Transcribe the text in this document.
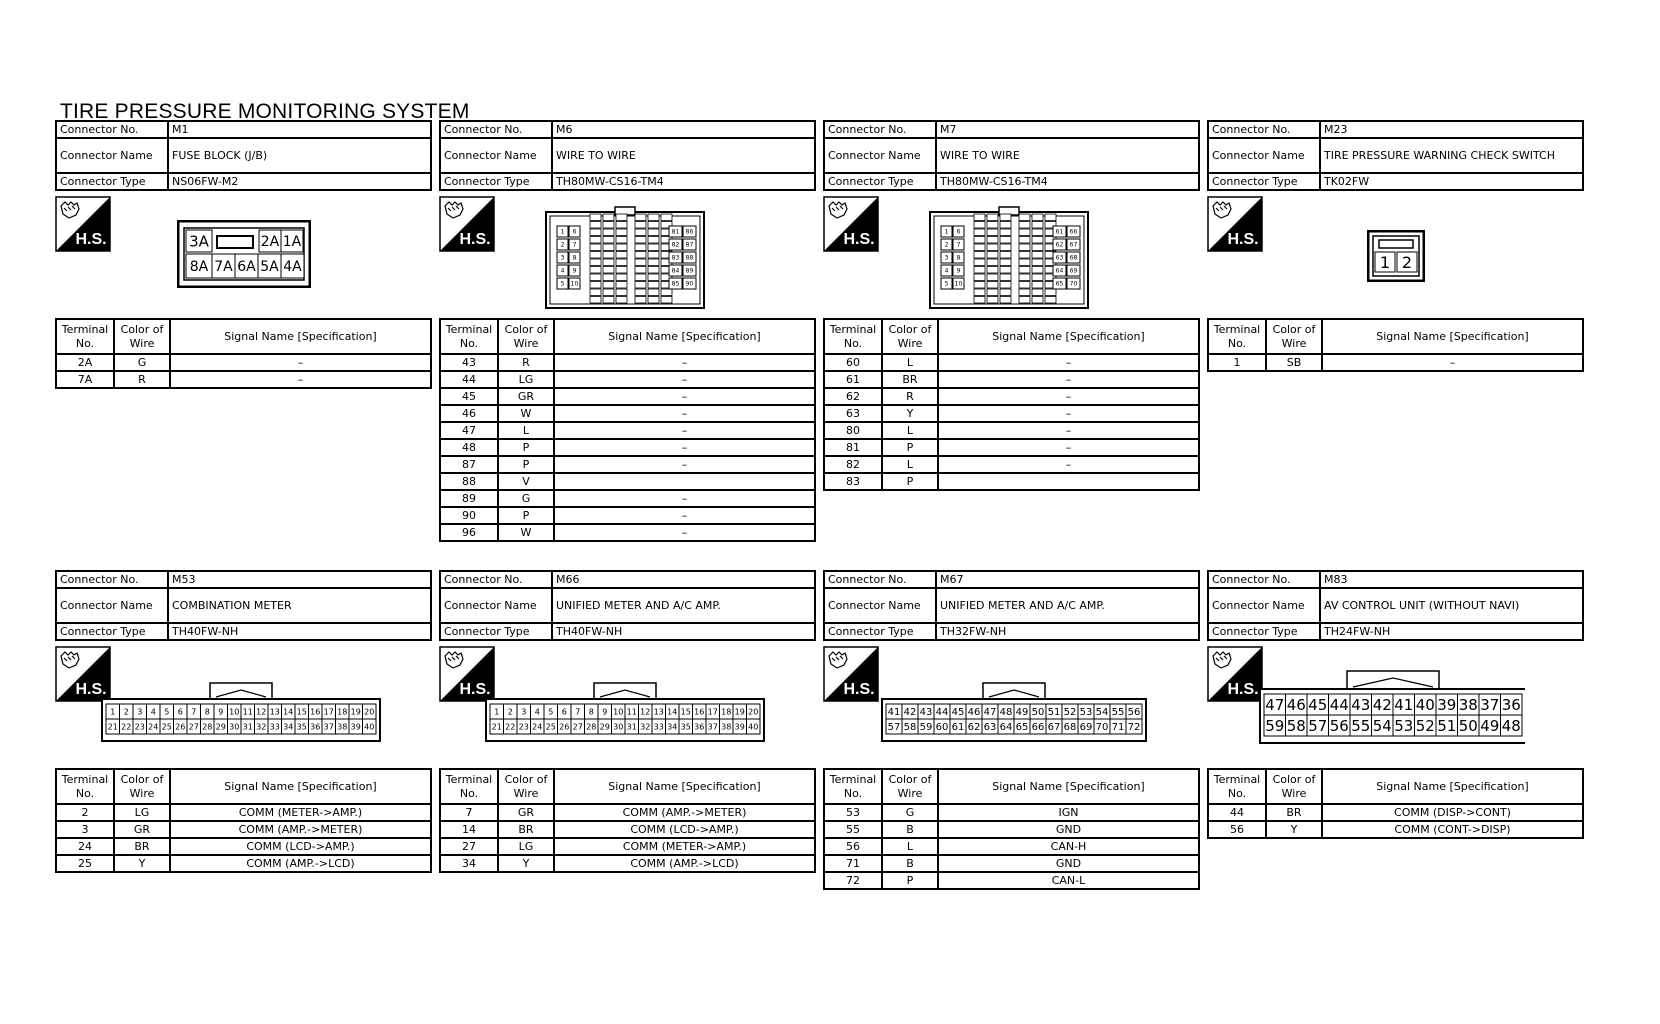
TIRE PRESSURE MONITORING SYSTEM
Connector No.	M1
Connector Name	FUSE BLOCK (J/B)
Connector Type	NS06FW-M2
H.S.	3A	2A 1A
8A 7A 6A 5A 4A
Terminal No.	Color of Wire	Signal Name [Specification]
2A	G	–
7A	R	–
Connector No.	M6
Connector Name	WIRE TO WIRE
Connector Type	TH80MW-CS16-TM4
H.S.	1 6
2 7
3 8
4 9
5 10
81 86
82 87
83 88
84 89
85 90
Terminal No.	Color of Wire	Signal Name [Specification]
43	R	–
44	LG	–
45	GR	–
46	W	–
47	L	–
48	P	–
87	P	–
88	V	
89	G	–
90	P	–
96	W	–
Connector No.	M7
Connector Name	WIRE TO WIRE
Connector Type	TH80MW-CS16-TM4
H.S.	1 6
2 7
3 8
4 9
5 10
61 66
62 67
63 68
64 69
65 70
Terminal No.	Color of Wire	Signal Name [Specification]
60	L	–
61	BR	–
62	R	–
63	Y	–
80	L	–
81	P	–
82	L	–
83	P	
Connector No.	M23
Connector Name	TIRE PRESSURE WARNING CHECK SWITCH
Connector Type	TK02FW
H.S.
1 2
Terminal No.	Color of Wire	Signal Name [Specification]
1	SB	–
Connector No.	M53
Connector Name	COMBINATION METER
Connector Type	TH40FW-NH
H.S.
1 2 3 4 5 6 7 8 9 10 11 12 13 14 15 16 17 18 19 20
21 22 23 24 25 26 27 28 29 30 31 32 33 34 35 36 37 38 39 40
Terminal No.	Color of Wire	Signal Name [Specification]
2	LG	COMM (METER->AMP.)
3	GR	COMM (AMP.->METER)
24	BR	COMM (LCD->AMP.)
25	Y	COMM (AMP.->LCD)
Connector No.	M66
Connector Name	UNIFIED METER AND A/C AMP.
Connector Type	TH40FW-NH
H.S.
1 2 3 4 5 6 7 8 9 10 11 12 13 14 15 16 17 18 19 20
21 22 23 24 25 26 27 28 29 30 31 32 33 34 35 36 37 38 39 40
Terminal No.	Color of Wire	Signal Name [Specification]
7	GR	COMM (AMP.->METER)
14	BR	COMM (LCD->AMP.)
27	LG	COMM (METER->AMP.)
34	Y	COMM (AMP.->LCD)
Connector No.	M67
Connector Name	UNIFIED METER AND A/C AMP.
Connector Type	TH32FW-NH
H.S.
41 42 43 44 45 46 47 48 49 50 51 52 53 54 55 56
57 58 59 60 61 62 63 64 65 66 67 68 69 70 71 72
Terminal No.	Color of Wire	Signal Name [Specification]
53	G	IGN
55	B	GND
56	L	CAN-H
71	B	GND
72	P	CAN-L
Connector No.	M83
Connector Name	AV CONTROL UNIT (WITHOUT NAVI)
Connector Type	TH24FW-NH
H.S.
47 46 45 44 43 42 41 40 39 38 37 36
59 58 57 56 55 54 53 52 51 50 49 48
Terminal No.	Color of Wire	Signal Name [Specification]
44	BR	COMM (DISP->CONT)
56	Y	COMM (CONT->DISP)
